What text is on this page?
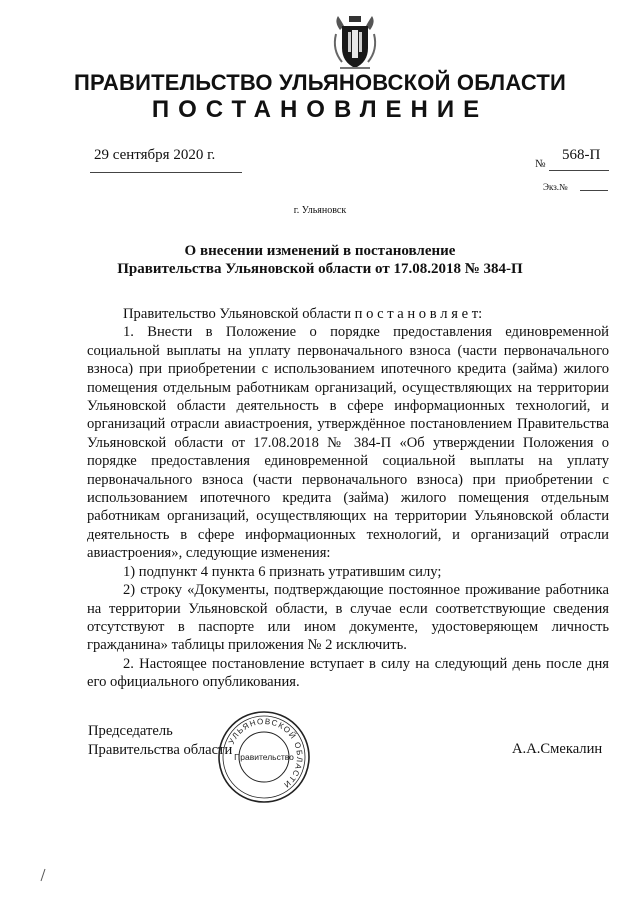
ПРАВИТЕЛЬСТВО УЛЬЯНОВСКОЙ ОБЛАСТИ
ПОСТАНОВЛЕНИЕ
29 сентября 2020 г.	568-П
№
Экз.№
г. Ульяновск
О внесении изменений в постановление
Правительства Ульяновской области от 17.08.2018 № 384-П

Правительство Ульяновской области п о с т а н о в л я е т:

1. Внести в Положение о порядке предоставления единовременной социальной выплаты на уплату первоначального взноса (части первоначального взноса) при приобретении с использованием ипотечного кредита (займа) жилого помещения отдельным работникам организаций, осуществляющих на территории Ульяновской области деятельность в сфере информационных технологий, и организаций отрасли авиастроения, утверждённое постановлением Правительства Ульяновской области от 17.08.2018 № 384-П «Об утверждении Положения о порядке предоставления единовременной социальной выплаты на уплату первоначального взноса (части первоначального взноса) при приобретении с использованием ипотечного кредита (займа) жилого помещения отдельным работникам организаций, осуществляющих на территории Ульяновской области деятельность в сфере информационных технологий, и организаций отрасли авиастроения», следующие изменения:

1) подпункт 4 пункта 6 признать утратившим силу;

2) строку «Документы, подтверждающие постоянное проживание работника на территории Ульяновской области, в случае если соответствующие сведения отсутствуют в паспорте или ином документе, удостоверяющем личность гражданина» таблицы приложения № 2 исключить.

2. Настоящее постановление вступает в силу на следующий день после дня его официального опубликования.

Председатель
Правительства области	А.А.Смекалин
УЛЬЯНОВСКОЙ ОБЛАСТИ
Правительство
